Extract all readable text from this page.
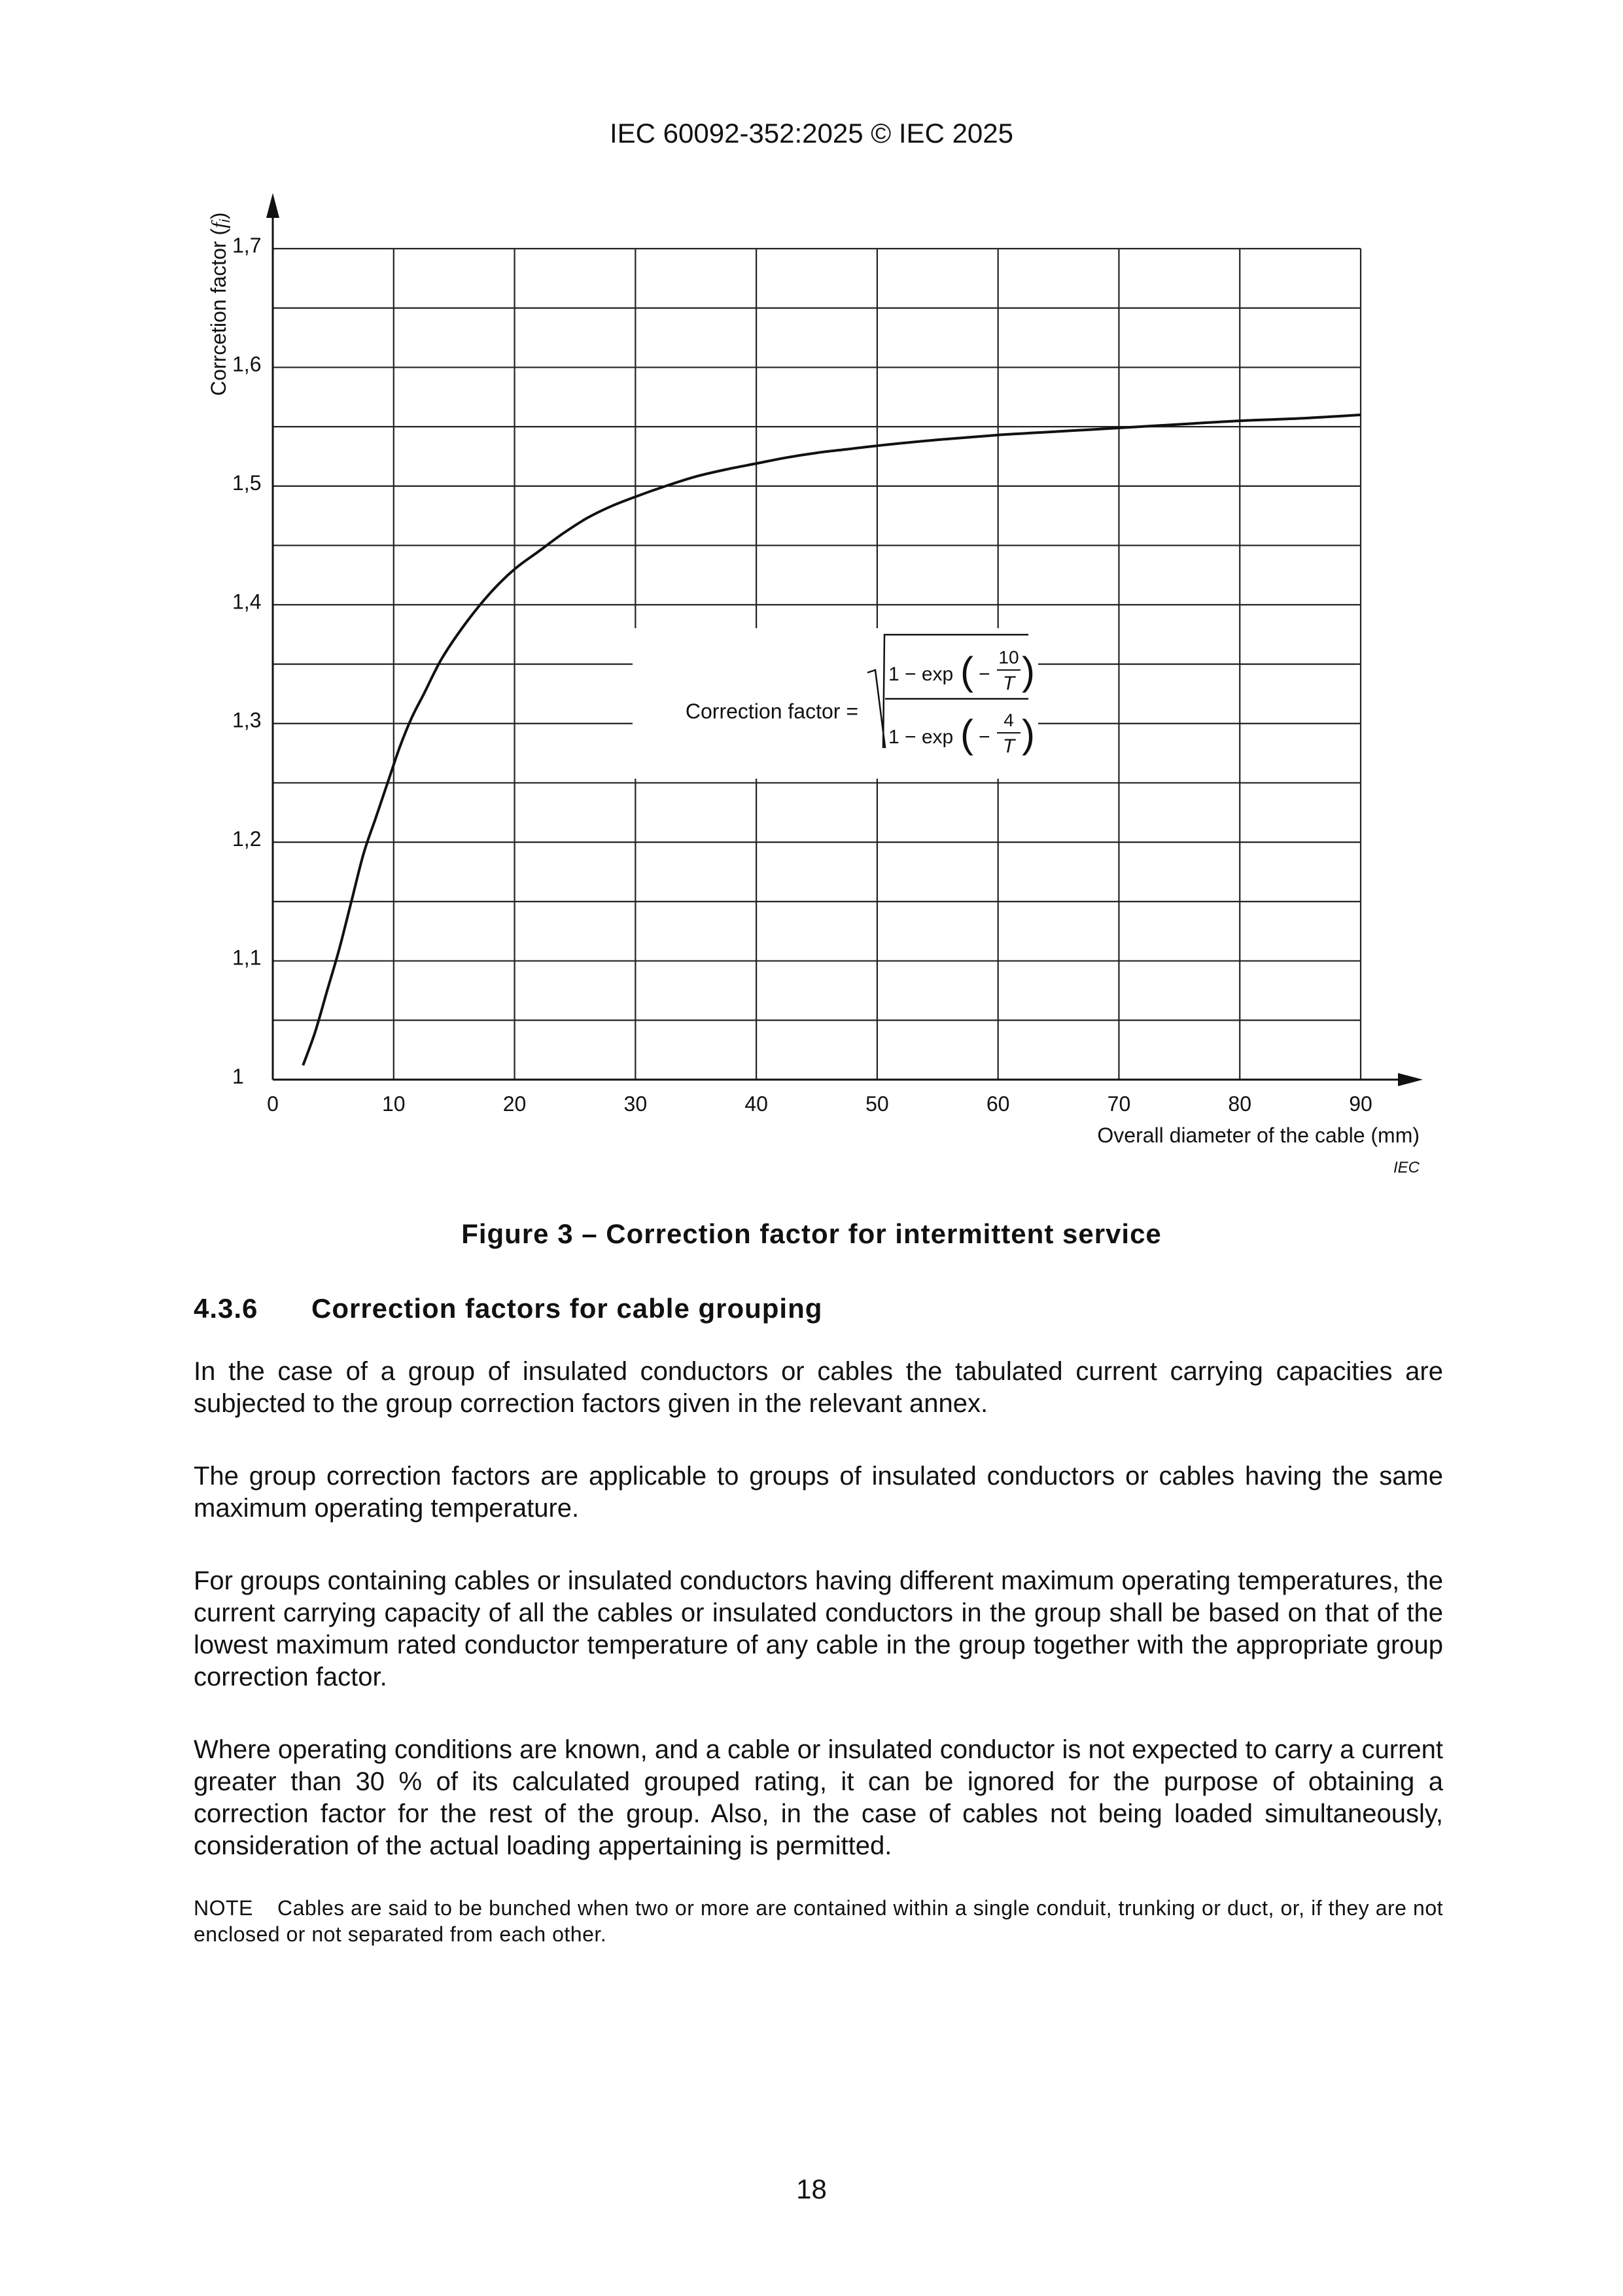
IEC 60092-352:2025 © IEC 2025
0	10	20	30	40	50	60	70	80	90
1
1,1
1,2
1,3
1,4
1,5
1,6
1,7
Overall diameter of the cable (mm)
IEC
Corrcetion factor (fi)
Correction factor =
1 − exp ( −
10
T )
1 − exp ( −
4
T )
Figure 3 – Correction factor for intermittent service
4.3.6 Correction factors for cable grouping
In the case of a group of insulated conductors or cables the tabulated current carrying capacities are subjected to the group correction factors given in the relevant annex.
The group correction factors are applicable to groups of insulated conductors or cables having the same maximum operating temperature.
For groups containing cables or insulated conductors having different maximum operating temperatures, the current carrying capacity of all the cables or insulated conductors in the group shall be based on that of the lowest maximum rated conductor temperature of any cable in the group together with the appropriate group correction factor.
Where operating conditions are known, and a cable or insulated conductor is not expected to carry a current greater than 30 % of its calculated grouped rating, it can be ignored for the purpose of obtaining a correction factor for the rest of the group. Also, in the case of cables not being loaded simultaneously, consideration of the actual loading appertaining is permitted.
NOTE Cables are said to be bunched when two or more are contained within a single conduit, trunking or duct, or, if they are not enclosed or not separated from each other.
18
